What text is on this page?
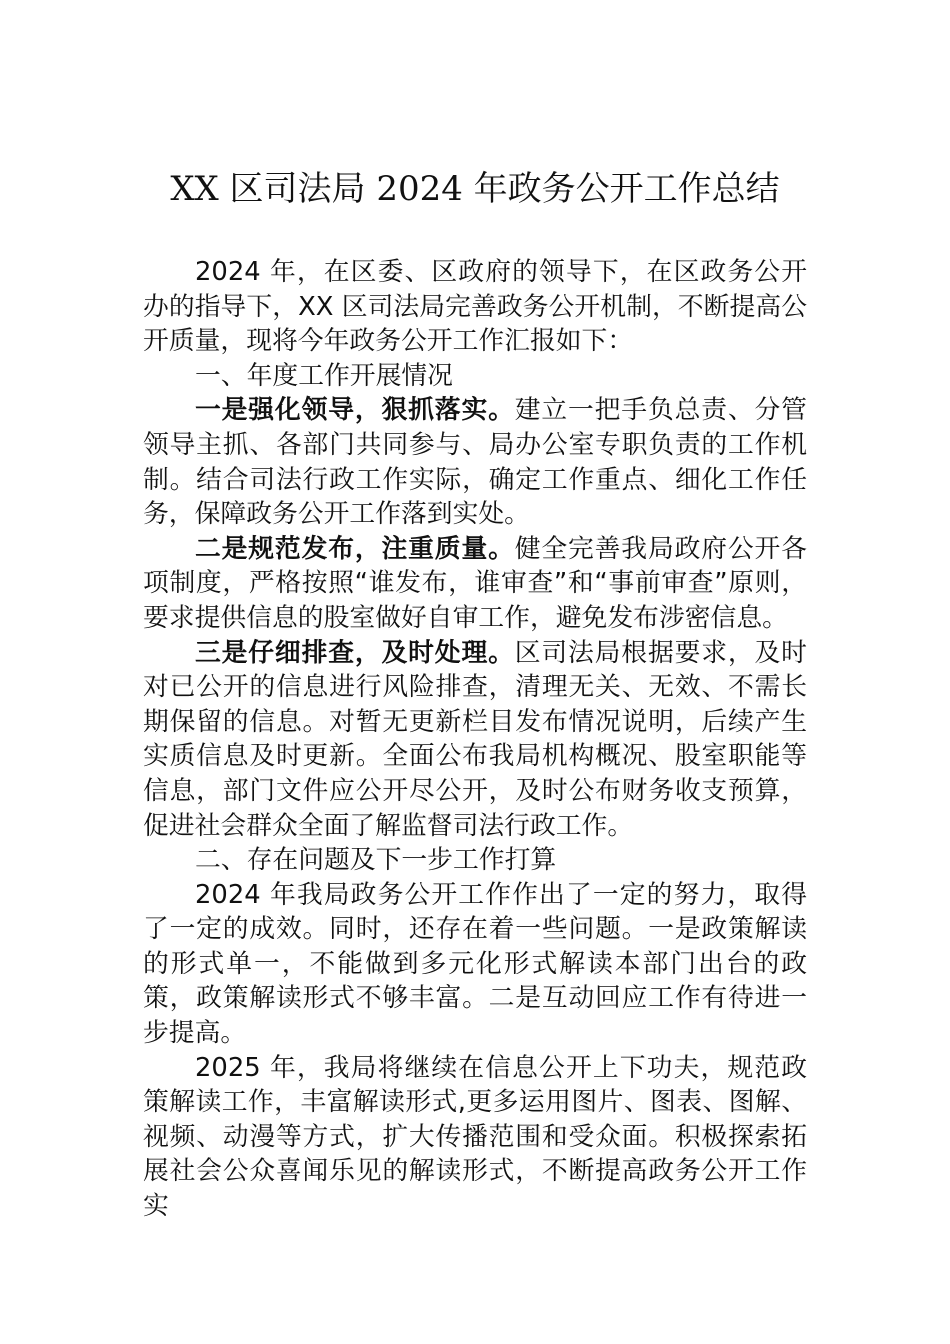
XX 区司法局 2024 年政务公开工作总结

2024 年，在区委、区政府的领导下，在区政务公开办的指导下，XX 区司法局完善政务公开机制，不断提高公开质量，现将今年政务公开工作汇报如下：

一、年度工作开展情况

一是强化领导，狠抓落实。建立一把手负总责、分管领导主抓、各部门共同参与、局办公室专职负责的工作机制。结合司法行政工作实际，确定工作重点、细化工作任务，保障政务公开工作落到实处。

二是规范发布，注重质量。健全完善我局政府公开各项制度，严格按照“谁发布，谁审查”和“事前审查”原则，要求提供信息的股室做好自审工作，避免发布涉密信息。

三是仔细排查，及时处理。区司法局根据要求，及时对已公开的信息进行风险排查，清理无关、无效、不需长期保留的信息。对暂无更新栏目发布情况说明，后续产生实质信息及时更新。全面公布我局机构概况、股室职能等信息，部门文件应公开尽公开，及时公布财务收支预算，促进社会群众全面了解监督司法行政工作。

二、存在问题及下一步工作打算

2024 年我局政务公开工作作出了一定的努力，取得了一定的成效。同时，还存在着一些问题。一是政策解读的形式单一，不能做到多元化形式解读本部门出台的政策，政策解读形式不够丰富。二是互动回应工作有待进一步提高。

2025 年，我局将继续在信息公开上下功夫，规范政策解读工作，丰富解读形式,更多运用图片、图表、图解、视频、动漫等方式，扩大传播范围和受众面。积极探索拓展社会公众喜闻乐见的解读形式，不断提高政务公开工作实
